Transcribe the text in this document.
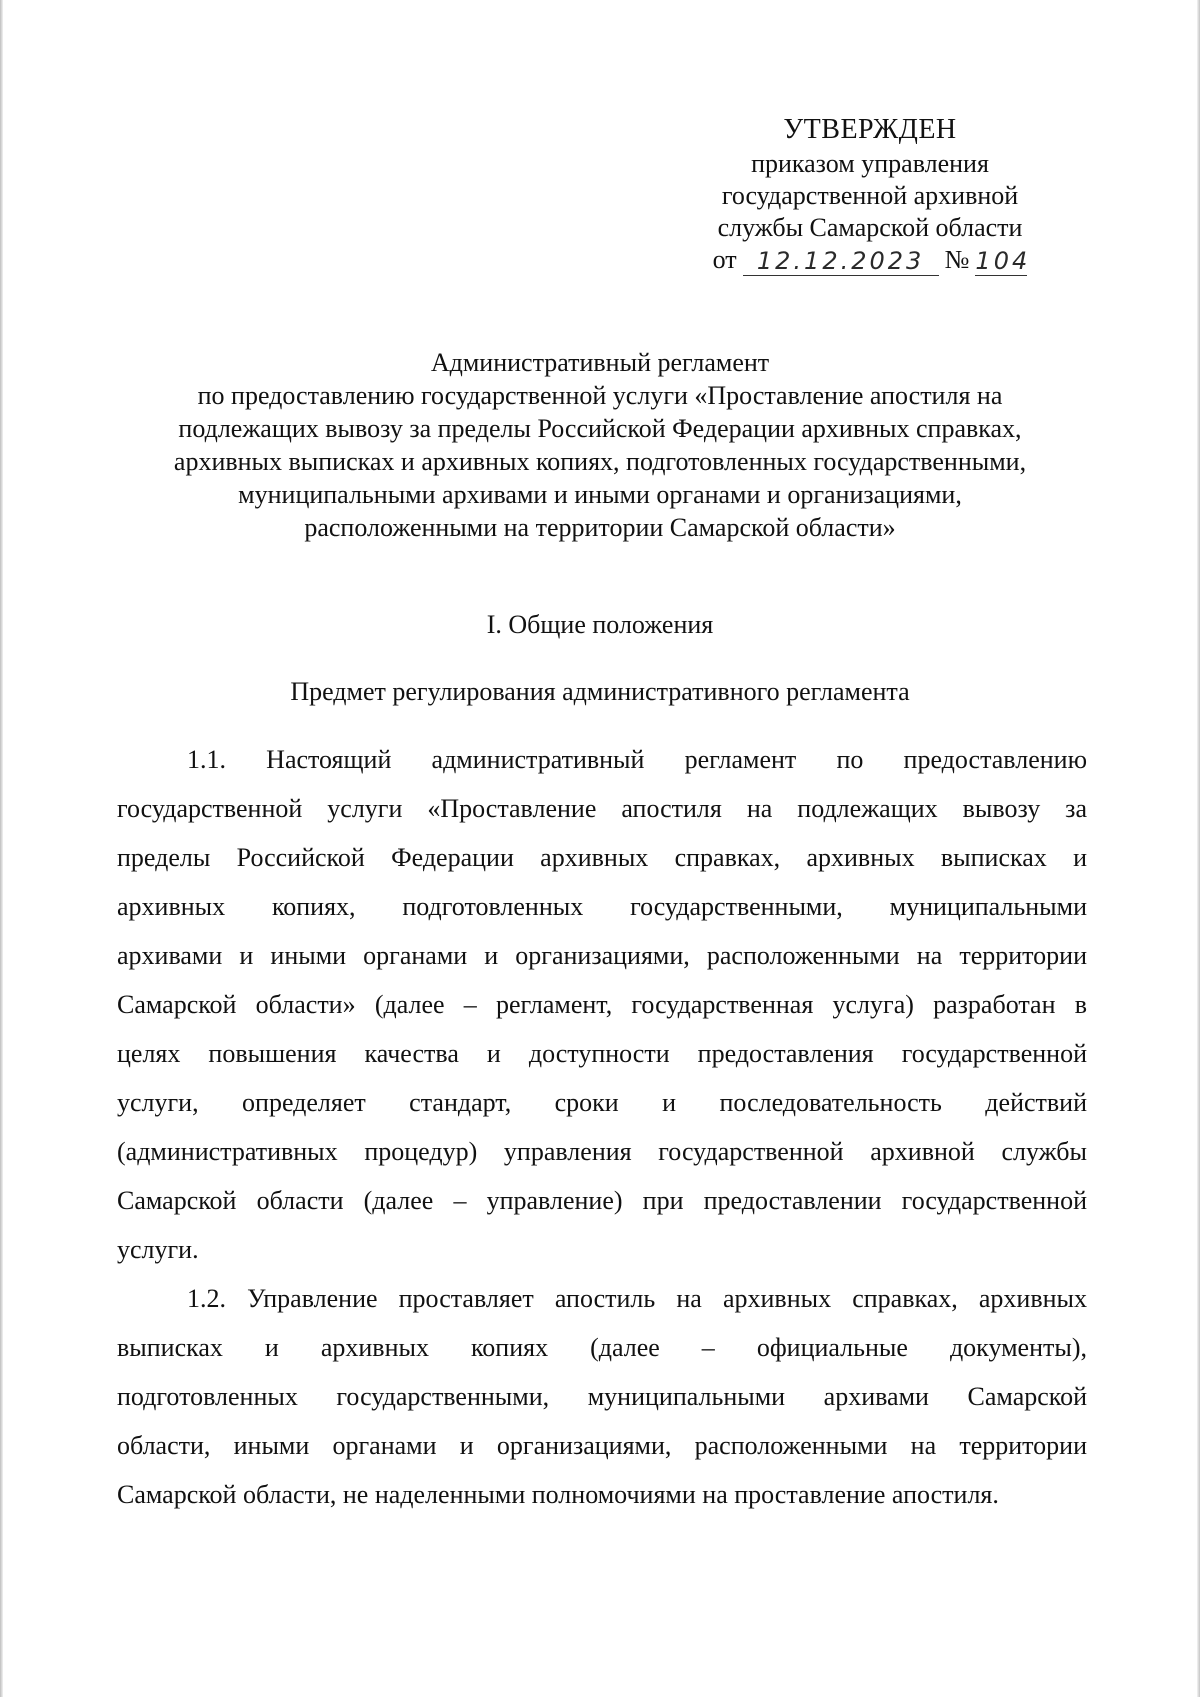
УТВЕРЖДЕН
приказом управления
государственной архивной
службы Самарской области
от 12.12.2023 № 104
Административный регламент
по предоставлению государственной услуги «Проставление апостиля на
подлежащих вывозу за пределы Российской Федерации архивных справках,
архивных выписках и архивных копиях, подготовленных государственными,
муниципальными архивами и иными органами и организациями,
расположенными на территории Самарской области»
I. Общие положения
Предмет регулирования административного регламента
1.1. Настоящий административный регламент по предоставлению
государственной услуги «Проставление апостиля на подлежащих вывозу за
пределы Российской Федерации архивных справках, архивных выписках и
архивных копиях, подготовленных государственными, муниципальными
архивами и иными органами и организациями, расположенными на территории
Самарской области» (далее – регламент, государственная услуга) разработан в
целях повышения качества и доступности предоставления государственной
услуги, определяет стандарт, сроки и последовательность действий
(административных процедур) управления государственной архивной службы
Самарской области (далее – управление) при предоставлении государственной
услуги.
1.2. Управление проставляет апостиль на архивных справках, архивных
выписках и архивных копиях (далее – официальные документы),
подготовленных государственными, муниципальными архивами Самарской
области, иными органами и организациями, расположенными на территории
Самарской области, не наделенными полномочиями на проставление апостиля.
